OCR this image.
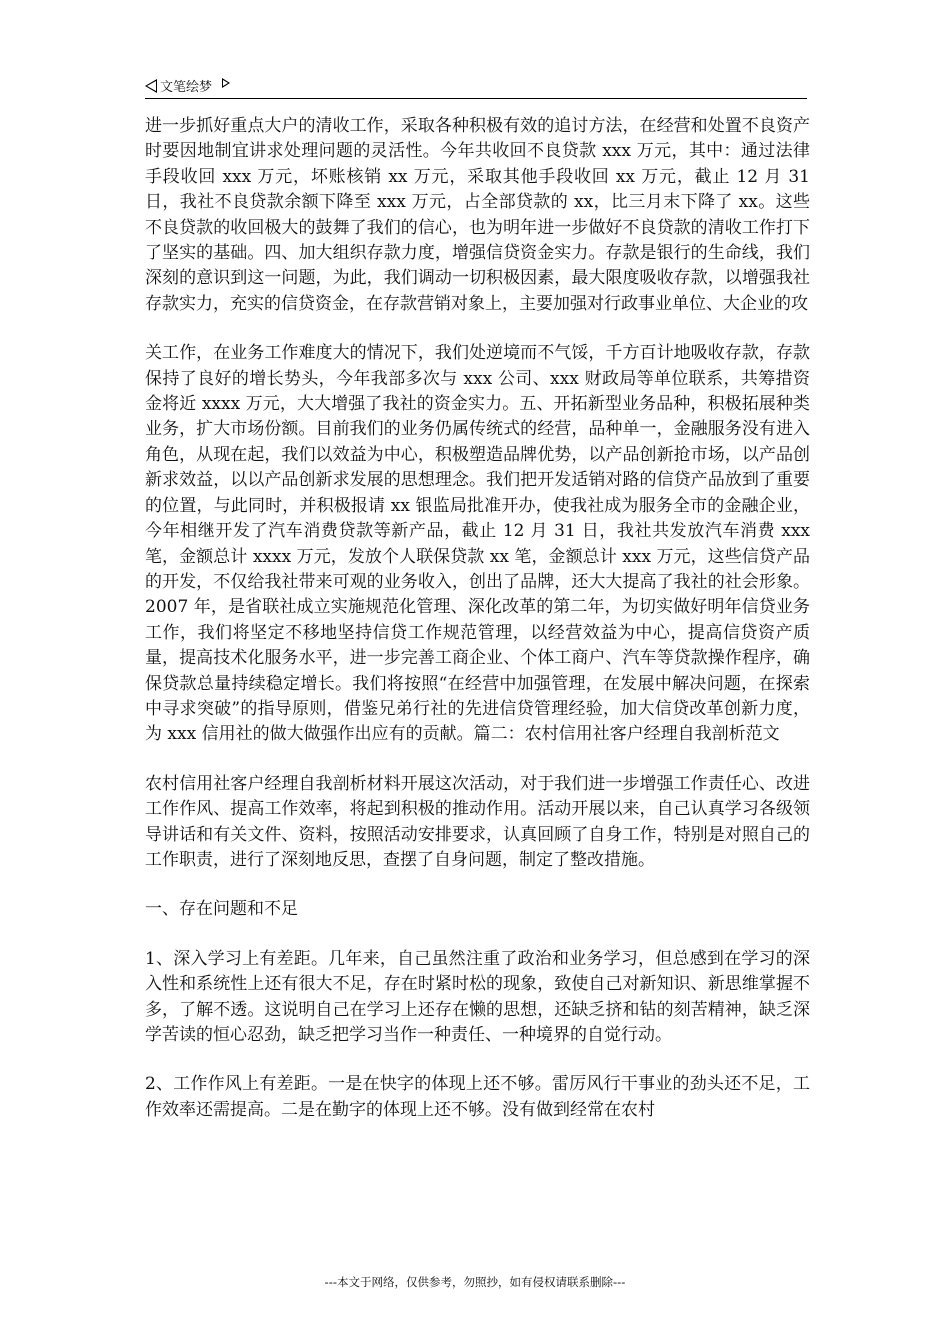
文笔绘梦

进一步抓好重点大户的清收工作，采取各种积极有效的追讨方法，在经营和处置不良资产时要因地制宜讲求处理问题的灵活性。今年共收回不良贷款 xxx 万元，其中：通过法律手段收回 xxx 万元，坏账核销 xx 万元，采取其他手段收回 xx 万元，截止 12 月 31 日，我社不良贷款余额下降至 xxx 万元，占全部贷款的 xx，比三月末下降了 xx。这些不良贷款的收回极大的鼓舞了我们的信心，也为明年进一步做好不良贷款的清收工作打下了坚实的基础。四、加大组织存款力度，增强信贷资金实力。存款是银行的生命线，我们深刻的意识到这一问题，为此，我们调动一切积极因素，最大限度吸收存款，以增强我社存款实力，充实的信贷资金，在存款营销对象上，主要加强对行政事业单位、大企业的攻

关工作，在业务工作难度大的情况下，我们处逆境而不气馁，千方百计地吸收存款，存款保持了良好的增长势头，今年我部多次与 xxx 公司、xxx 财政局等单位联系，共筹措资金将近 xxxx 万元，大大增强了我社的资金实力。五、开拓新型业务品种，积极拓展种类业务，扩大市场份额。目前我们的业务仍属传统式的经营，品种单一，金融服务没有进入角色，从现在起，我们以效益为中心，积极塑造品牌优势，以产品创新抢市场，以产品创新求效益，以以产品创新求发展的思想理念。我们把开发适销对路的信贷产品放到了重要的位置，与此同时，并积极报请 xx 银监局批准开办，使我社成为服务全市的金融企业，今年相继开发了汽车消费贷款等新产品，截止 12 月 31 日，我社共发放汽车消费 xxx 笔，金额总计 xxxx 万元，发放个人联保贷款 xx 笔，金额总计 xxx 万元，这些信贷产品的开发，不仅给我社带来可观的业务收入，创出了品牌，还大大提高了我社的社会形象。2007 年，是省联社成立实施规范化管理、深化改革的第二年，为切实做好明年信贷业务工作，我们将坚定不移地坚持信贷工作规范管理，以经营效益为中心，提高信贷资产质量，提高技术化服务水平，进一步完善工商企业、个体工商户、汽车等贷款操作程序，确保贷款总量持续稳定增长。我们将按照“在经营中加强管理，在发展中解决问题，在探索中寻求突破”的指导原则，借鉴兄弟行社的先进信贷管理经验，加大信贷改革创新力度，为 xxx 信用社的做大做强作出应有的贡献。篇二：农村信用社客户经理自我剖析范文

农村信用社客户经理自我剖析材料开展这次活动，对于我们进一步增强工作责任心、改进工作作风、提高工作效率，将起到积极的推动作用。活动开展以来，自己认真学习各级领导讲话和有关文件、资料，按照活动安排要求，认真回顾了自身工作，特别是对照自己的工作职责，进行了深刻地反思，查摆了自身问题，制定了整改措施。

一、存在问题和不足

1、深入学习上有差距。几年来，自己虽然注重了政治和业务学习，但总感到在学习的深入性和系统性上还有很大不足，存在时紧时松的现象，致使自己对新知识、新思维掌握不多，了解不透。这说明自己在学习上还存在懒的思想，还缺乏挤和钻的刻苦精神，缺乏深学苦读的恒心忍劲，缺乏把学习当作一种责任、一种境界的自觉行动。

2、工作作风上有差距。一是在快字的体现上还不够。雷厉风行干事业的劲头还不足，工作效率还需提高。二是在勤字的体现上还不够。没有做到经常在农村

---本文于网络，仅供参考，勿照抄，如有侵权请联系删除---
